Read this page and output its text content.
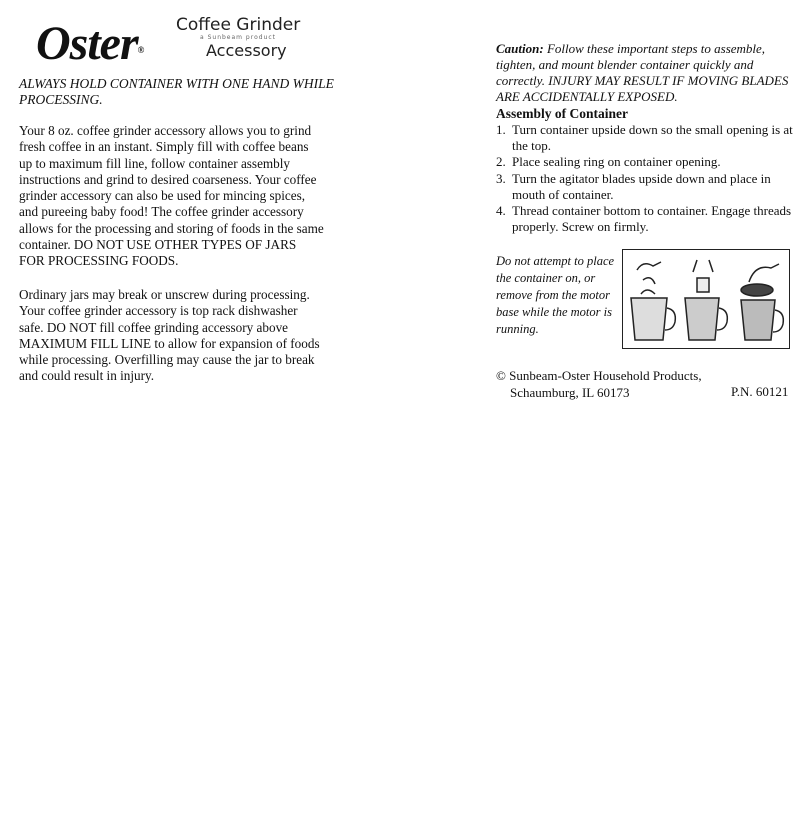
Oster®
Coffee Grinder
a Sunbeam product
Accessory
ALWAYS HOLD CONTAINER WITH ONE HAND WHILE PROCESSING.
Your 8 oz. coffee grinder accessory allows you to grind fresh coffee in an instant. Simply fill with coffee beans up to maximum fill line, follow container assembly instructions and grind to desired coarseness. Your coffee grinder accessory can also be used for mincing spices, and pureeing baby food! The coffee grinder accessory allows for the processing and storing of foods in the same container. DO NOT USE OTHER TYPES OF JARS FOR PROCESSING FOODS.
Ordinary jars may break or unscrew during processing. Your coffee grinder accessory is top rack dishwasher safe. DO NOT fill coffee grinding accessory above MAXIMUM FILL LINE to allow for expansion of foods while processing. Overfilling may cause the jar to break and could result in injury.
Caution: Follow these important steps to assemble, tighten, and mount blender container quickly and correctly. INJURY MAY RESULT IF MOVING BLADES ARE ACCIDENTALLY EXPOSED.
Assembly of Container
1. Turn container upside down so the small opening is at the top.
2. Place sealing ring on container opening.
3. Turn the agitator blades upside down and place in mouth of container.
4. Thread container bottom to container. Engage threads properly. Screw on firmly.
Do not attempt to place the container on, or remove from the motor base while the motor is running.
© Sunbeam-Oster Household Products,
Schaumburg, IL 60173	P.N. 60121
